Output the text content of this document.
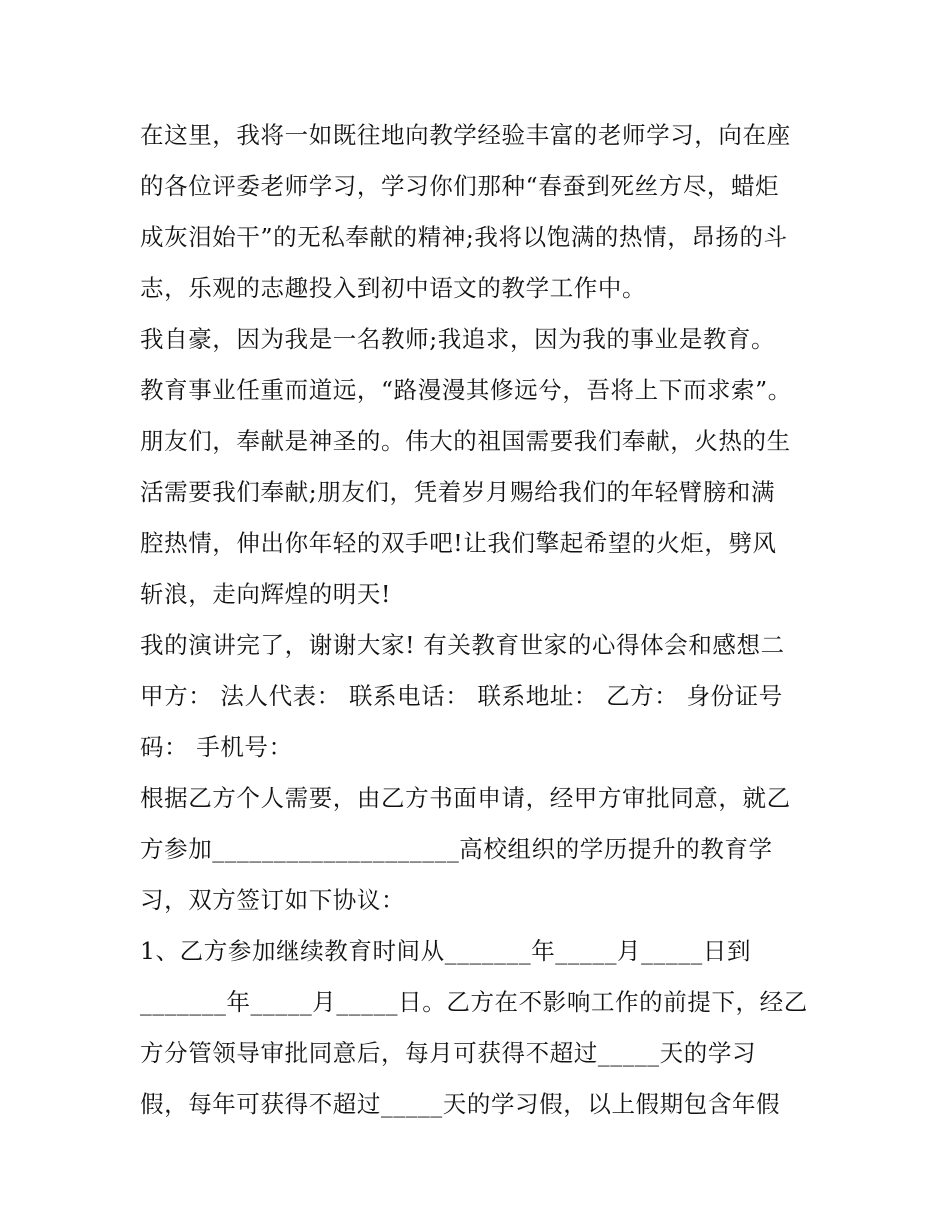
在这里，我将一如既往地向教学经验丰富的老师学习，向在座
的各位评委老师学习，学习你们那种“春蚕到死丝方尽，蜡炬
成灰泪始干”的无私奉献的精神;我将以饱满的热情，昂扬的斗
志，乐观的志趣投入到初中语文的教学工作中。
我自豪，因为我是一名教师;我追求，因为我的事业是教育。
教育事业任重而道远，“路漫漫其修远兮，吾将上下而求索”。
朋友们，奉献是神圣的。伟大的祖国需要我们奉献，火热的生
活需要我们奉献;朋友们，凭着岁月赐给我们的年轻臂膀和满
腔热情，伸出你年轻的双手吧!让我们擎起希望的火炬，劈风
斩浪，走向辉煌的明天!
我的演讲完了，谢谢大家! 有关教育世家的心得体会和感想二
甲方： 法人代表： 联系电话： 联系地址： 乙方： 身份证号
码： 手机号：
根据乙方个人需要，由乙方书面申请，经甲方审批同意，就乙
方参加____________________高校组织的学历提升的教育学
习，双方签订如下协议：
1、乙方参加继续教育时间从_______年_____月_____日到
_______年_____月_____日。乙方在不影响工作的前提下，经乙
方分管领导审批同意后，每月可获得不超过_____天的学习
假，每年可获得不超过_____天的学习假，以上假期包含年假
